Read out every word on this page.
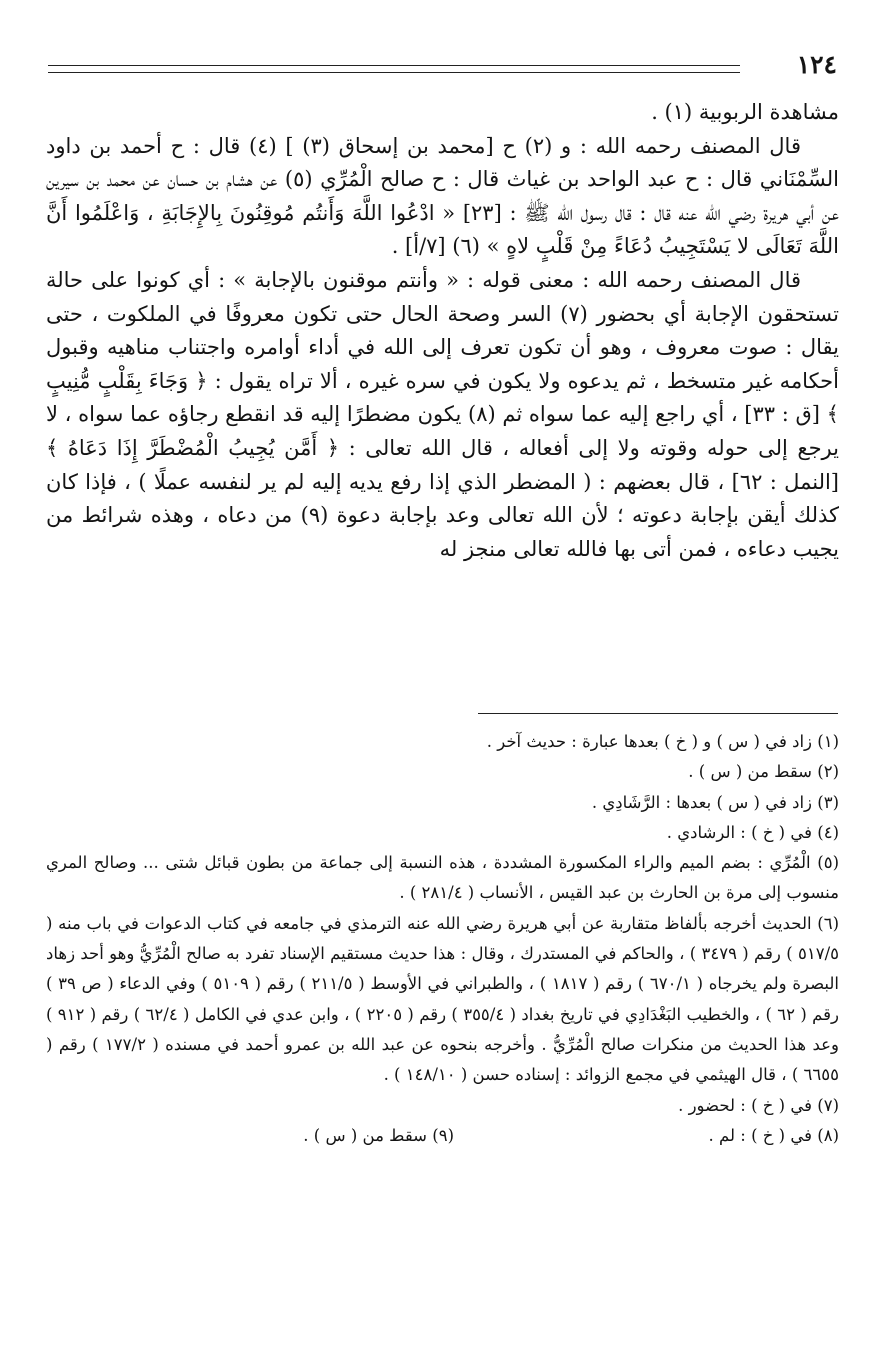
١٢٤

مشاهدة الربوبية (١) .

قال المصنف رحمه الله : و (٢) ح [محمد بن إسحاق (٣) ] (٤) قال : ح أحمد بن داود السِّمْنَاني قال : ح عبد الواحد بن غياث قال : ح صالح الْمُرِّي (٥) عن هشام بن حسان عن محمد بن سيرين عن أبي هريرة رضي الله عنه قال : قال رسول الله ﷺ : [٢٣] « ادْعُوا اللَّهَ وَأَنتُم مُوقِنُونَ بِالإِجَابَةِ ، وَاعْلَمُوا أَنَّ اللَّهَ تَعَالَى لا يَسْتَجِيبُ دُعَاءً مِنْ قَلْبٍ لاهٍ » (٦) [٧/أ] .

قال المصنف رحمه الله : معنى قوله : « وأنتم موقنون بالإجابة » : أي كونوا على حالة تستحقون الإجابة أي بحضور (٧) السر وصحة الحال حتى تكون معروفًا في الملكوت ، حتى يقال : صوت معروف ، وهو أن تكون تعرف إلى الله في أداء أوامره واجتناب مناهيه وقبول أحكامه غير متسخط ، ثم يدعوه ولا يكون في سره غيره ، ألا تراه يقول : ﴿ وَجَاءَ بِقَلْبٍ مُّنِيبٍ ﴾ [ق : ٣٣] ، أي راجع إليه عما سواه ثم (٨) يكون مضطرًا إليه قد انقطع رجاؤه عما سواه ، لا يرجع إلى حوله وقوته ولا إلى أفعاله ، قال الله تعالى : ﴿ أَمَّن يُجِيبُ الْمُضْطَرَّ إِذَا دَعَاهُ ﴾ [النمل : ٦٢] ، قال بعضهم : ( المضطر الذي إذا رفع يديه إليه لم ير لنفسه عملًا ) ، فإذا كان كذلك أيقن بإجابة دعوته ؛ لأن الله تعالى وعد بإجابة دعوة (٩) من دعاه ، وهذه شرائط من يجيب دعاءه ، فمن أتى بها فالله تعالى منجز له

(١) زاد في ( س ) و ( خ ) بعدها عبارة : حديث آخر .

(٢) سقط من ( س ) .

(٣) زاد في ( س ) بعدها : الرَّشَادِي .

(٤) في ( خ ) : الرشادي .

(٥) الْمُرِّي : بضم الميم والراء المكسورة المشددة ، هذه النسبة إلى جماعة من بطون قبائل شتى ... وصالح المري منسوب إلى مرة بن الحارث بن عبد القيس ، الأنساب ( ٢٨١/٤ ) .

(٦) الحديث أخرجه بألفاظ متقاربة عن أبي هريرة رضي الله عنه الترمذي في جامعه في كتاب الدعوات في باب منه ( ٥١٧/٥ ) رقم ( ٣٤٧٩ ) ، والحاكم في المستدرك ، وقال : هذا حديث مستقيم الإسناد تفرد به صالح الْمُرِّيُّ وهو أحد زهاد البصرة ولم يخرجاه ( ٦٧٠/١ ) رقم ( ١٨١٧ ) ، والطبراني في الأوسط ( ٢١١/٥ ) رقم ( ٥١٠٩ ) وفي الدعاء ( ص ٣٩ ) رقم ( ٦٢ ) ، والخطيب البَغْدَادِي في تاريخ بغداد ( ٣٥٥/٤ ) رقم ( ٢٢٠٥ ) ، وابن عدي في الكامل ( ٦٢/٤ ) رقم ( ٩١٢ ) وعد هذا الحديث من منكرات صالح الْمُرِّيُّ . وأخرجه بنحوه عن عبد الله بن عمرو أحمد في مسنده ( ١٧٧/٢ ) رقم ( ٦٦٥٥ ) ، قال الهيثمي في مجمع الزوائد : إسناده حسن ( ١٤٨/١٠ ) .

(٧) في ( خ ) : لحضور .

(٨) في ( خ ) : لم .
(٩) سقط من ( س ) .
